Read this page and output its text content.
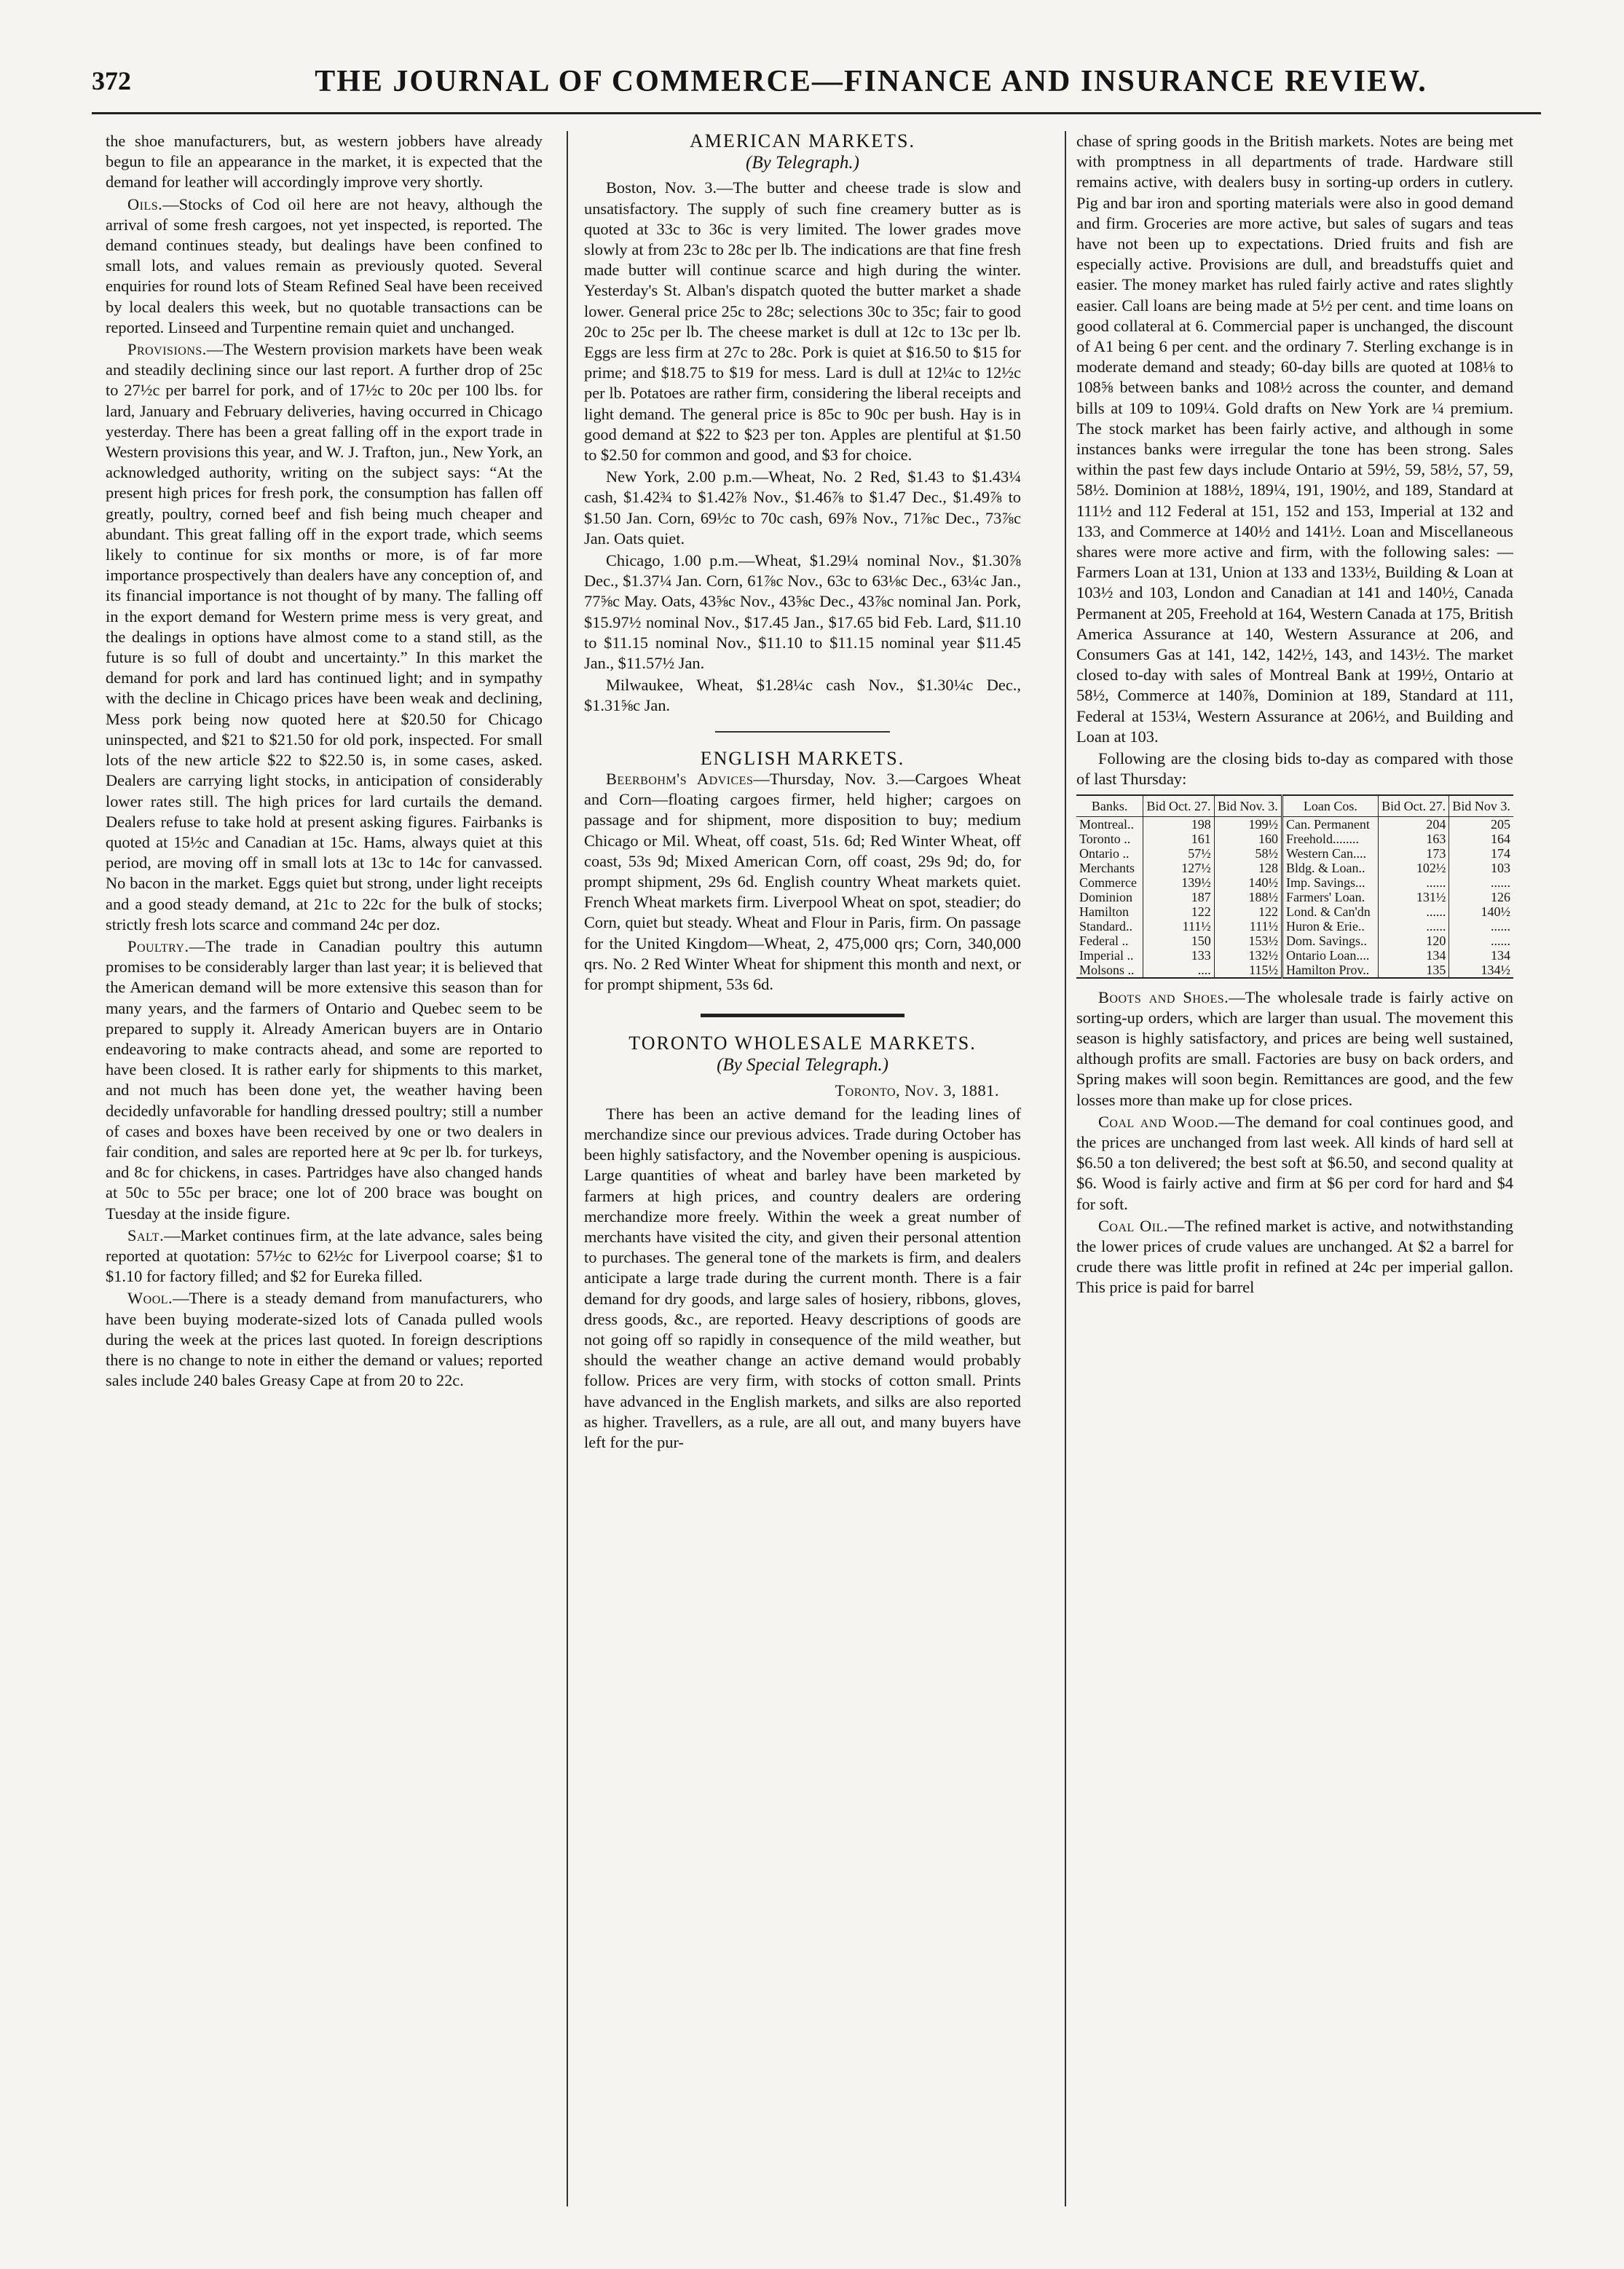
372	THE JOURNAL OF COMMERCE—FINANCE AND INSURANCE REVIEW.

the shoe manufacturers, but, as western jobbers have already begun to file an appearance in the market, it is expected that the demand for leather will accordingly improve very shortly.

Oils.—Stocks of Cod oil here are not heavy, although the arrival of some fresh cargoes, not yet inspected, is reported. The demand continues steady, but dealings have been confined to small lots, and values remain as previously quoted. Several enquiries for round lots of Steam Refined Seal have been received by local dealers this week, but no quotable transactions can be reported. Linseed and Turpentine remain quiet and unchanged.

Provisions.—The Western provision markets have been weak and steadily declining since our last report. A further drop of 25c to 27½c per barrel for pork, and of 17½c to 20c per 100 lbs. for lard, January and February deliveries, having occurred in Chicago yesterday. There has been a great falling off in the export trade in Western provisions this year, and W. J. Trafton, jun., New York, an acknowledged authority, writing on the subject says: “At the present high prices for fresh pork, the consumption has fallen off greatly, poultry, corned beef and fish being much cheaper and abundant. This great falling off in the export trade, which seems likely to continue for six months or more, is of far more importance prospectively than dealers have any conception of, and its financial importance is not thought of by many. The falling off in the export demand for Western prime mess is very great, and the dealings in options have almost come to a stand still, as the future is so full of doubt and uncertainty.” In this market the demand for pork and lard has continued light; and in sympathy with the decline in Chicago prices have been weak and declining, Mess pork being now quoted here at $20.50 for Chicago uninspected, and $21 to $21.50 for old pork, inspected. For small lots of the new article $22 to $22.50 is, in some cases, asked. Dealers are carrying light stocks, in anticipation of considerably lower rates still. The high prices for lard curtails the demand. Dealers refuse to take hold at present asking figures. Fairbanks is quoted at 15½c and Canadian at 15c. Hams, always quiet at this period, are moving off in small lots at 13c to 14c for canvassed. No bacon in the market. Eggs quiet but strong, under light receipts and a good steady demand, at 21c to 22c for the bulk of stocks; strictly fresh lots scarce and command 24c per doz.

Poultry.—The trade in Canadian poultry this autumn promises to be considerably larger than last year; it is believed that the American demand will be more extensive this season than for many years, and the farmers of Ontario and Quebec seem to be prepared to supply it. Already American buyers are in Ontario endeavoring to make contracts ahead, and some are reported to have been closed. It is rather early for shipments to this market, and not much has been done yet, the weather having been decidedly unfavorable for handling dressed poultry; still a number of cases and boxes have been received by one or two dealers in fair condition, and sales are reported here at 9c per lb. for turkeys, and 8c for chickens, in cases. Partridges have also changed hands at 50c to 55c per brace; one lot of 200 brace was bought on Tuesday at the inside figure.

Salt.—Market continues firm, at the late advance, sales being reported at quotation: 57½c to 62½c for Liverpool coarse; $1 to $1.10 for factory filled; and $2 for Eureka filled.

Wool.—There is a steady demand from manufacturers, who have been buying moderate-sized lots of Canada pulled wools during the week at the prices last quoted. In foreign descriptions there is no change to note in either the demand or values; reported sales include 240 bales Greasy Cape at from 20 to 22c.

AMERICAN MARKETS.

(By Telegraph.)

Boston, Nov. 3.—The butter and cheese trade is slow and unsatisfactory. The supply of such fine creamery butter as is quoted at 33c to 36c is very limited. The lower grades move slowly at from 23c to 28c per lb. The indications are that fine fresh made butter will continue scarce and high during the winter. Yesterday's St. Alban's dispatch quoted the butter market a shade lower. General price 25c to 28c; selections 30c to 35c; fair to good 20c to 25c per lb. The cheese market is dull at 12c to 13c per lb. Eggs are less firm at 27c to 28c. Pork is quiet at $16.50 to $15 for prime; and $18.75 to $19 for mess. Lard is dull at 12¼c to 12½c per lb. Potatoes are rather firm, considering the liberal receipts and light demand. The general price is 85c to 90c per bush. Hay is in good demand at $22 to $23 per ton. Apples are plentiful at $1.50 to $2.50 for common and good, and $3 for choice.

New York, 2.00 p.m.—Wheat, No. 2 Red, $1.43 to $1.43¼ cash, $1.42¾ to $1.42⅞ Nov., $1.46⅞ to $1.47 Dec., $1.49⅞ to $1.50 Jan. Corn, 69½c to 70c cash, 69⅞ Nov., 71⅞c Dec., 73⅞c Jan. Oats quiet.

Chicago, 1.00 p.m.—Wheat, $1.29¼ nominal Nov., $1.30⅞ Dec., $1.37¼ Jan. Corn, 61⅞c Nov., 63c to 63⅛c Dec., 63¼c Jan., 77⅝c May. Oats, 43⅝c Nov., 43⅝c Dec., 43⅞c nominal Jan. Pork, $15.97½ nominal Nov., $17.45 Jan., $17.65 bid Feb. Lard, $11.10 to $11.15 nominal Nov., $11.10 to $11.15 nominal year $11.45 Jan., $11.57½ Jan.

Milwaukee, Wheat, $1.28¼c cash Nov., $1.30¼c Dec., $1.31⅝c Jan.

ENGLISH MARKETS.

Beerbohm's Advices—Thursday, Nov. 3.—Cargoes Wheat and Corn—floating cargoes firmer, held higher; cargoes on passage and for shipment, more disposition to buy; medium Chicago or Mil. Wheat, off coast, 51s. 6d; Red Winter Wheat, off coast, 53s 9d; Mixed American Corn, off coast, 29s 9d; do, for prompt shipment, 29s 6d. English country Wheat markets quiet. French Wheat markets firm. Liverpool Wheat on spot, steadier; do Corn, quiet but steady. Wheat and Flour in Paris, firm. On passage for the United Kingdom—Wheat, 2, 475,000 qrs; Corn, 340,000 qrs. No. 2 Red Winter Wheat for shipment this month and next, or for prompt shipment, 53s 6d.

TORONTO WHOLESALE MARKETS.

(By Special Telegraph.)

Toronto, Nov. 3, 1881.

There has been an active demand for the leading lines of merchandize since our previous advices. Trade during October has been highly satisfactory, and the November opening is auspicious. Large quantities of wheat and barley have been marketed by farmers at high prices, and country dealers are ordering merchandize more freely. Within the week a great number of merchants have visited the city, and given their personal attention to purchases. The general tone of the markets is firm, and dealers anticipate a large trade during the current month. There is a fair demand for dry goods, and large sales of hosiery, ribbons, gloves, dress goods, &c., are reported. Heavy descriptions of goods are not going off so rapidly in consequence of the mild weather, but should the weather change an active demand would probably follow. Prices are very firm, with stocks of cotton small. Prints have advanced in the English markets, and silks are also reported as higher. Travellers, as a rule, are all out, and many buyers have left for the pur-

chase of spring goods in the British markets. Notes are being met with promptness in all departments of trade. Hardware still remains active, with dealers busy in sorting-up orders in cutlery. Pig and bar iron and sporting materials were also in good demand and firm. Groceries are more active, but sales of sugars and teas have not been up to expectations. Dried fruits and fish are especially active. Provisions are dull, and breadstuffs quiet and easier. The money market has ruled fairly active and rates slightly easier. Call loans are being made at 5½ per cent. and time loans on good collateral at 6. Commercial paper is unchanged, the discount of A1 being 6 per cent. and the ordinary 7. Sterling exchange is in moderate demand and steady; 60-day bills are quoted at 108⅛ to 108⅝ between banks and 108½ across the counter, and demand bills at 109 to 109¼. Gold drafts on New York are ¼ premium. The stock market has been fairly active, and although in some instances banks were irregular the tone has been strong. Sales within the past few days include Ontario at 59½, 59, 58½, 57, 59, 58½. Dominion at 188½, 189¼, 191, 190½, and 189, Standard at 111½ and 112 Federal at 151, 152 and 153, Imperial at 132 and 133, and Commerce at 140½ and 141½. Loan and Miscellaneous shares were more active and firm, with the following sales: —Farmers Loan at 131, Union at 133 and 133½, Building & Loan at 103½ and 103, London and Canadian at 141 and 140½, Canada Permanent at 205, Freehold at 164, Western Canada at 175, British America Assurance at 140, Western Assurance at 206, and Consumers Gas at 141, 142, 142½, 143, and 143½. The market closed to-day with sales of Montreal Bank at 199½, Ontario at 58½, Commerce at 140⅞, Dominion at 189, Standard at 111, Federal at 153¼, Western Assurance at 206½, and Building and Loan at 103.

Following are the closing bids to-day as compared with those of last Thursday:

Banks.	Bid Oct. 27.	Bid Nov. 3.	Loan Cos.	Bid Oct. 27.	Bid Nov 3.
Montreal..	198	199½	Can. Permanent	204	205
Toronto ..	161	160	Freehold........	163	164
Ontario ..	57½	58½	Western Can....	173	174
Merchants	127½	128	Bldg. & Loan..	102½	103
Commerce	139½	140½	Imp. Savings...	......	......
Dominion	187	188½	Farmers' Loan.	131½	126
Hamilton	122	122	Lond. & Can'dn	......	140½
Standard..	111½	111½	Huron & Erie..	......	......
Federal ..	150	153½	Dom. Savings..	120	......
Imperial ..	133	132½	Ontario Loan....	134	134
Molsons ..	....	115½	Hamilton Prov..	135	134½

Boots and Shoes.—The wholesale trade is fairly active on sorting-up orders, which are larger than usual. The movement this season is highly satisfactory, and prices are being well sustained, although profits are small. Factories are busy on back orders, and Spring makes will soon begin. Remittances are good, and the few losses more than make up for close prices.

Coal and Wood.—The demand for coal continues good, and the prices are unchanged from last week. All kinds of hard sell at $6.50 a ton delivered; the best soft at $6.50, and second quality at $6. Wood is fairly active and firm at $6 per cord for hard and $4 for soft.

Coal Oil.—The refined market is active, and notwithstanding the lower prices of crude values are unchanged. At $2 a barrel for crude there was little profit in refined at 24c per imperial gallon. This price is paid for barrel
